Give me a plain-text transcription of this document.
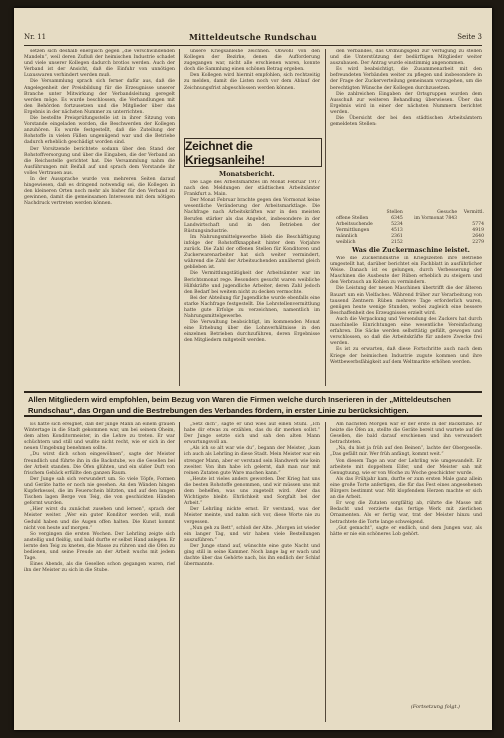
Nr. 11	Mitteldeutsche Rundschau	Seite 3

setzen sich deshalb energisch gegen „die verschwindenden Mandeln“, weil deren Zufluß der heimischen Industrie schadet und viele unserer Kollegen dadurch brotlos werden. Auch der Verband ist der Ansicht, daß die Einfuhr von unnötigen Luxuswaren verhindert werden muß.

Die Versammlung sprach sich ferner dafür aus, daß die Angelegenheit der Preisbildung für die Erzeugnisse unserer Branche unter Mitwirkung der Verbandsleitung geregelt werden möge. Es wurde beschlossen, die Verhandlungen mit den Behörden fortzusetzen und die Mitglieder über das Ergebnis in der nächsten Nummer zu unterrichten.

Die bestellte Preisprüfungsstelle ist in ihrer Sitzung vom Vorstande eingeladen worden, die Beschwerden der Kollegen anzuhören. Es wurde festgestellt, daß die Zuteilung der Rohstoffe in vielen Fällen ungenügend war und die Betriebe dadurch erheblich geschädigt worden sind.

Der Vorsitzende berichtete sodann über den Stand der Rohstoffversorgung und über die Eingaben, die der Verband an die Reichsstelle gerichtet hat. Die Versammlung nahm die Ausführungen mit Beifall auf und sprach dem Vorstande ihr volles Vertrauen aus.

In der Aussprache wurde von mehreren Seiten darauf hingewiesen, daß es dringend notwendig sei, die Kollegen in den kleineren Orten noch mehr als bisher für den Verband zu gewinnen, damit die gemeinsamen Interessen mit dem nötigen Nachdruck vertreten werden können.

unsere Kriegsanleihe zeichnen. Obwohl von den Kollegen der Bezirke, denen die Aufforderung zugegangen war, nicht alle erschienen waren, konnte doch die Sammlung einen schönen Betrag ergeben.

Den Kollegen wird hiermit empfohlen, sich rechtzeitig zu melden, damit die Listen noch vor dem Ablauf der Zeichnungsfrist abgeschlossen werden können.

Zeichnet die Kriegsanleihe!
Monatsbericht.

Die Lage des Arbeitsmarktes im Monat Februar 1917 nach den Meldungen der städtischen Arbeitsämter Frankfurt a. Main.

Der Monat Februar brachte gegen den Vormonat keine wesentliche Veränderung der Arbeitsmarktlage. Die Nachfrage nach Arbeitskräften war in den meisten Berufen stärker als das Angebot, insbesondere in der Landwirtschaft und in den Betrieben der Rüstungsindustrie.

Im Nahrungsmittelgewerbe blieb die Beschäftigung infolge der Rohstoffknappheit hinter dem Vorjahre zurück. Die Zahl der offenen Stellen für Konditoren und Zuckerwarenarbeiter hat sich weiter vermindert, während die Zahl der Arbeitsuchenden annähernd gleich geblieben ist.

Die Vermittlungstätigkeit der Arbeitsämter war im Berichtsmonat rege. Besonders gesucht waren weibliche Hilfskräfte und jugendliche Arbeiter, deren Zahl jedoch den Bedarf bei weitem nicht zu decken vermochte.

Bei der Abteilung für Jugendliche wurde ebenfalls eine starke Nachfrage festgestellt. Die Lehrstellenvermittlung hatte gute Erfolge zu verzeichnen, namentlich im Nahrungsmittelgewerbe.

Die Verwaltung beabsichtigt, im kommenden Monat eine Erhebung über die Lohnverhältnisse in den einzelnen Betrieben durchzuführen, deren Ergebnisse den Mitgliedern mitgeteilt werden.

den Verbandes, das Ordnungsgeld zur Verfügung zu stellen und die Unterstützung der bedürftigen Mitglieder weiter auszubauen. Der Antrag wurde einstimmig angenommen.

Es wird beabsichtigt, die Zusammenarbeit mit den befreundeten Verbänden weiter zu pflegen und insbesondere in der Frage der Zuckerverteilung gemeinsam vorzugehen, um die berechtigten Wünsche der Kollegen durchzusetzen.

Die zahlreichen Eingaben der Ortsgruppen wurden dem Ausschuß zur weiteren Behandlung überwiesen. Über das Ergebnis wird in einer der nächsten Nummern berichtet werden.

Die Übersicht der bei den städtischen Arbeitsämtern gemeldeten Stellen:

	Stellen	Gesuche	Vermittl.
offene Stellen	6345	im Vormonat 7843	
Arbeitsuchende	5234		5774
Vermittlungen	4513		4919
männlich	2361		2640
weiblich	2152		2279
Was die Zuckermaschine leistet.

Wie die Zuckerindustrie in Kriegszeiten ihre Betriebe umgestellt hat, darüber berichtet ein Fachblatt in ausführlicher Weise. Danach ist es gelungen, durch Verbesserung der Maschinen die Ausbeute der Rüben erheblich zu steigern und den Verbrauch an Kohlen zu vermindern.

Die Leistung der neuen Maschinen übertrifft die der älteren Bauart um ein Vielfaches. Während früher zur Verarbeitung von tausend Zentnern Rüben mehrere Tage erforderlich waren, genügen heute wenige Stunden, wobei zugleich eine bessere Beschaffenheit des Erzeugnisses erzielt wird.

Auch die Verpackung und Versendung des Zuckers hat durch maschinelle Einrichtungen eine wesentliche Vereinfachung erfahren. Die Säcke werden selbsttätig gefüllt, gewogen und verschlossen, so daß die Arbeitskräfte für andere Zwecke frei werden.

Es ist zu erwarten, daß diese Fortschritte auch nach dem Kriege der heimischen Industrie zugute kommen und ihre Wettbewerbsfähigkeit auf dem Weltmarkte erhöhen werden.

Allen Mitgliedern wird empfohlen, beim Bezug von Waren die Firmen welche durch Inserieren in der „Mitteldeutschen Rundschau“, das Organ und die Bestrebungen des Verbandes fördern, in erster Linie zu berücksichtigen.

Es hatte sich ereignet, daß der junge Mann an einem grauen Wintertage in die Stadt gekommen war, um bei seinem Oheim, dem alten Konditormeister, in die Lehre zu treten. Er war schüchtern und still und wußte nicht recht, wie er sich in der neuen Umgebung benehmen sollte.

„Du wirst dich schon eingewöhnen“, sagte der Meister freundlich und führte ihn in die Backstube, wo die Gesellen bei der Arbeit standen. Die Öfen glühten, und ein süßer Duft von frischem Gebäck erfüllte den ganzen Raum.

Der Junge sah sich verwundert um. So viele Töpfe, Formen und Geräte hatte er noch nie gesehen. An den Wänden hingen Kupferkessel, die im Feuerschein blitzten, und auf den langen Tischen lagen Berge von Teig, die von geschickten Händen geformt wurden.

„Hier wirst du zunächst zusehen und lernen“, sprach der Meister weiter. „Wer ein guter Konditor werden will, muß Geduld haben und die Augen offen halten. Die Kunst kommt nicht von heute auf morgen.“

So vergingen die ersten Wochen. Der Lehrling zeigte sich anstellig und fleißig, und bald durfte er selbst Hand anlegen. Er lernte den Teig zu kneten, die Masse zu rühren und die Öfen zu bedienen, und seine Freude an der Arbeit wuchs mit jedem Tage.

Eines Abends, als die Gesellen schon gegangen waren, rief ihn der Meister zu sich in die Stube.

„Setz dich“, sagte er und wies auf einen Stuhl. „Ich habe dir etwas zu erzählen, das du dir merken sollst.“ Der Junge setzte sich und sah den alten Mann erwartungsvoll an.

„Als ich so alt war wie du“, begann der Meister, „kam ich auch als Lehrling in diese Stadt. Mein Meister war ein strenger Mann, aber er verstand sein Handwerk wie kein zweiter. Von ihm habe ich gelernt, daß man nur mit reinen Zutaten gute Ware machen kann.“

„Heute ist vieles anders geworden. Der Krieg hat uns die besten Rohstoffe genommen, und wir müssen uns mit dem behelfen, was uns zugeteilt wird. Aber das Wichtigste bleibt: Ehrlichkeit und Sorgfalt bei der Arbeit.“

Der Lehrling nickte ernst. Er verstand, was der Meister meinte, und nahm sich vor, diese Worte nie zu vergessen.

„Nun geh zu Bett“, schloß der Alte. „Morgen ist wieder ein langer Tag, und wir haben viele Bestellungen auszuführen.“

Der Junge stand auf, wünschte eine gute Nacht und ging still in seine Kammer. Noch lange lag er wach und dachte über das Gehörte nach, bis ihn endlich der Schlaf übermannte.

Am nächsten Morgen war er der erste in der Backstube. Er heizte die Öfen an, stellte die Geräte bereit und wartete auf die Gesellen, die bald darauf erschienen und ihn verwundert betrachteten.

„Na, du bist ja früh auf den Beinen“, lachte der Obergeselle. „Das gefällt mir. Wer früh anfängt, kommt weit.“

Von diesem Tage an war der Lehrling wie umgewandelt. Er arbeitete mit doppeltem Eifer, und der Meister sah mit Genugtuung, wie er von Woche zu Woche geschickter wurde.

Als das Frühjahr kam, durfte er zum ersten Male ganz allein eine große Torte anfertigen, die für das Fest eines angesehenen Bürgers bestimmt war. Mit klopfendem Herzen machte er sich an die Arbeit.

Er wog die Zutaten sorgfältig ab, rührte die Masse mit Bedacht und verzierte das fertige Werk mit zierlichen Ornamenten. Als er fertig war, trat der Meister hinzu und betrachtete die Torte lange schweigend.

„Gut gemacht“, sagte er endlich, und dem Jungen war, als hätte er nie ein schöneres Lob gehört.

(Fortsetzung folgt.)
